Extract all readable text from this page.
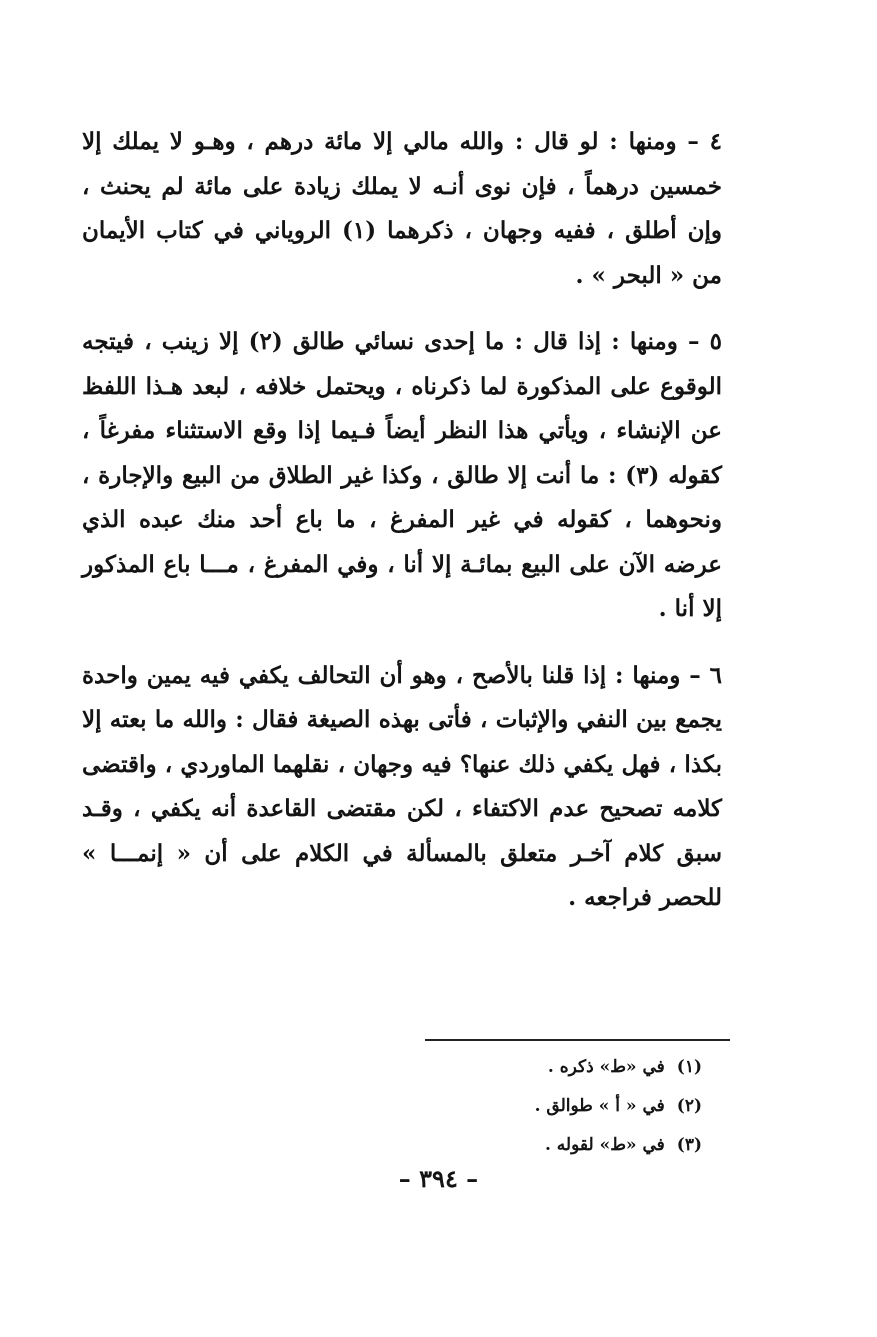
٤ – ومنها : لو قال : والله مالي إلا مائة درهم ، وهـو لا يملك إلا خمسين درهماً ، فإن نوى أنـه لا يملك زيادة على مائة لم يحنث ، وإن أطلق ، ففيه وجهان ، ذكرهما (١) الروياني في كتاب الأيمان من « البحر » .

٥ – ومنها : إذا قال : ما إحدى نسائي طالق (٢) إلا زينب ، فيتجه الوقوع على المذكورة لما ذكرناه ، ويحتمل خلافه ، لبعد هـذا اللفظ عن الإنشاء ، ويأتي هذا النظر أيضاً فـيما إذا وقع الاستثناء مفرغاً ، كقوله (٣) : ما أنت إلا طالق ، وكذا غير الطلاق من البيع والإجارة ، ونحوهما ، كقوله في غير المفرغ ، ما باع أحد منك عبده الذي عرضه الآن على البيع بمائـة إلا أنا ، وفي المفرغ ، مـــا باع المذكور إلا أنا .

٦ – ومنها : إذا قلنا بالأصح ، وهو أن التحالف يكفي فيه يمين واحدة يجمع بين النفي والإثبات ، فأتى بهذه الصيغة فقال : والله ما بعته إلا بكذا ، فهل يكفي ذلك عنها؟ فيه وجهان ، نقلهما الماوردي ، واقتضى كلامه تصحيح عدم الاكتفاء ، لكن مقتضى القاعدة أنه يكفي ، وقـد سبق كلام آخـر متعلق بالمسألة في الكلام على أن « إنمـــا » للحصر فراجعه .

(١)في «ط» ذكره .
(٢)في « أ » طوالق .
(٣)في «ط» لقوله .
– ٣٩٤ –
